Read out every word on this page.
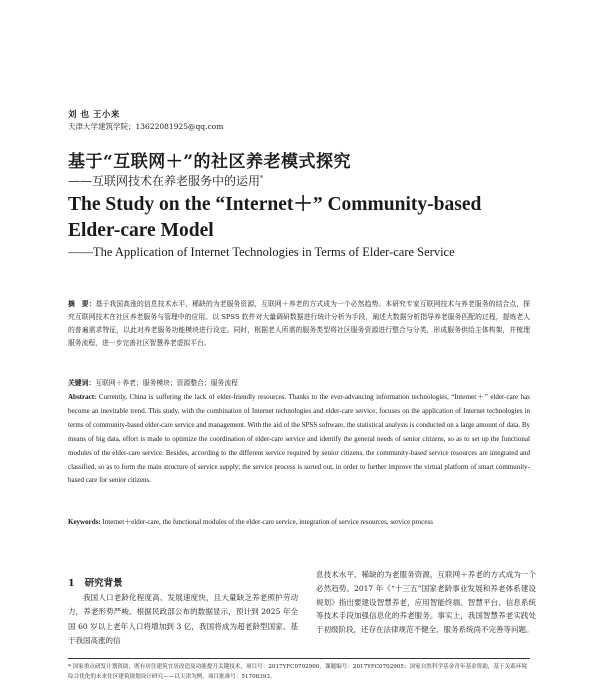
刘 也 王小来
天津大学建筑学院；13622081925@qq.com
基于“互联网＋”的社区养老模式探究
——互联网技术在养老服务中的运用*
The Study on the “Internet＋” Community-based Elder-care Model
——The Application of Internet Technologies in Terms of Elder-care Service
摘　要：基于我国高涨的信息技术水平，稀缺的为老服务资源，互联网＋养老的方式成为一个必然趋势。本研究专家互联网技术与养老服务的结合点，探究互联网技术在社区养老服务与管理中的应用。以 SPSS 软件对大量调研数据进行统计分析为手段，阐述大数据分析指导养老服务匹配的过程，提炼老人的普遍需求特征，以此对养老服务功能模块进行设定。同时，根据老人所需的服务类型将社区服务资源进行整合与分类，形成服务供给主体构架，并梳理服务流程，进一步完善社区智慧养老虚拟平台。
关键词：互联网＋养老；服务模块；资源整合；服务流程
Abstract: Currently, China is suffering the lack of elder-friendly resources. Thanks to the ever-advancing information technologies, “Internet＋” elder-care has become an inevitable trend. This study, with the combination of Internet technologies and elder-care service, focuses on the application of Internet technologies in terms of community-based elder-care service and management. With the aid of the SPSS software, the statistical analysis is conducted on a large amount of data. By means of big data, effort is made to optimize the coordination of elder-care service and identify the general needs of senior citizens, so as to set up the functional modules of the elder-care service. Besides, according to the different service required by senior citizens, the community-based service resources are integrated and classified, so as to form the main structure of service supply; the service process is sorted out, in order to further improve the virtual platform of smart community-based care for senior citizens.
Keywords: Internet＋elder-care, the functional modules of the elder-care service, integration of service resources, service process
1 研究背景

我国人口老龄化程度高、发展速度快，且大量缺乏养老照护劳动力，养老形势严峻。根据民政部公布的数据显示，预计到 2025 年全国 60 岁以上老年人口将增加到 3 亿，我国将成为超老龄型国家。基于我国高涨的信

息技术水平、稀缺的为老服务资源，互联网＋养老的方式成为一个必然趋势。2017 年《“十三五”国家老龄事业发展和养老体系建设规划》指出要建设智慧养老，应用智能终端、智慧平台、信息系统等技术手段加强信息化的养老服务。事实上，我国智慧养老实践处于初级阶段，还存在法律规范不健全、服务系统尚不完善等问题。

* 国家重点研发计划资助，既有居住建筑宜居改造及功能提升关键技术，项目号：2017YFC0702900，课题编号：2017YFC0702905；国家自然科学基金青年基金资助，基于关系环境综合优化的未来住区建筑规划设计研究——以天津为例，项目批准号：51708393。
